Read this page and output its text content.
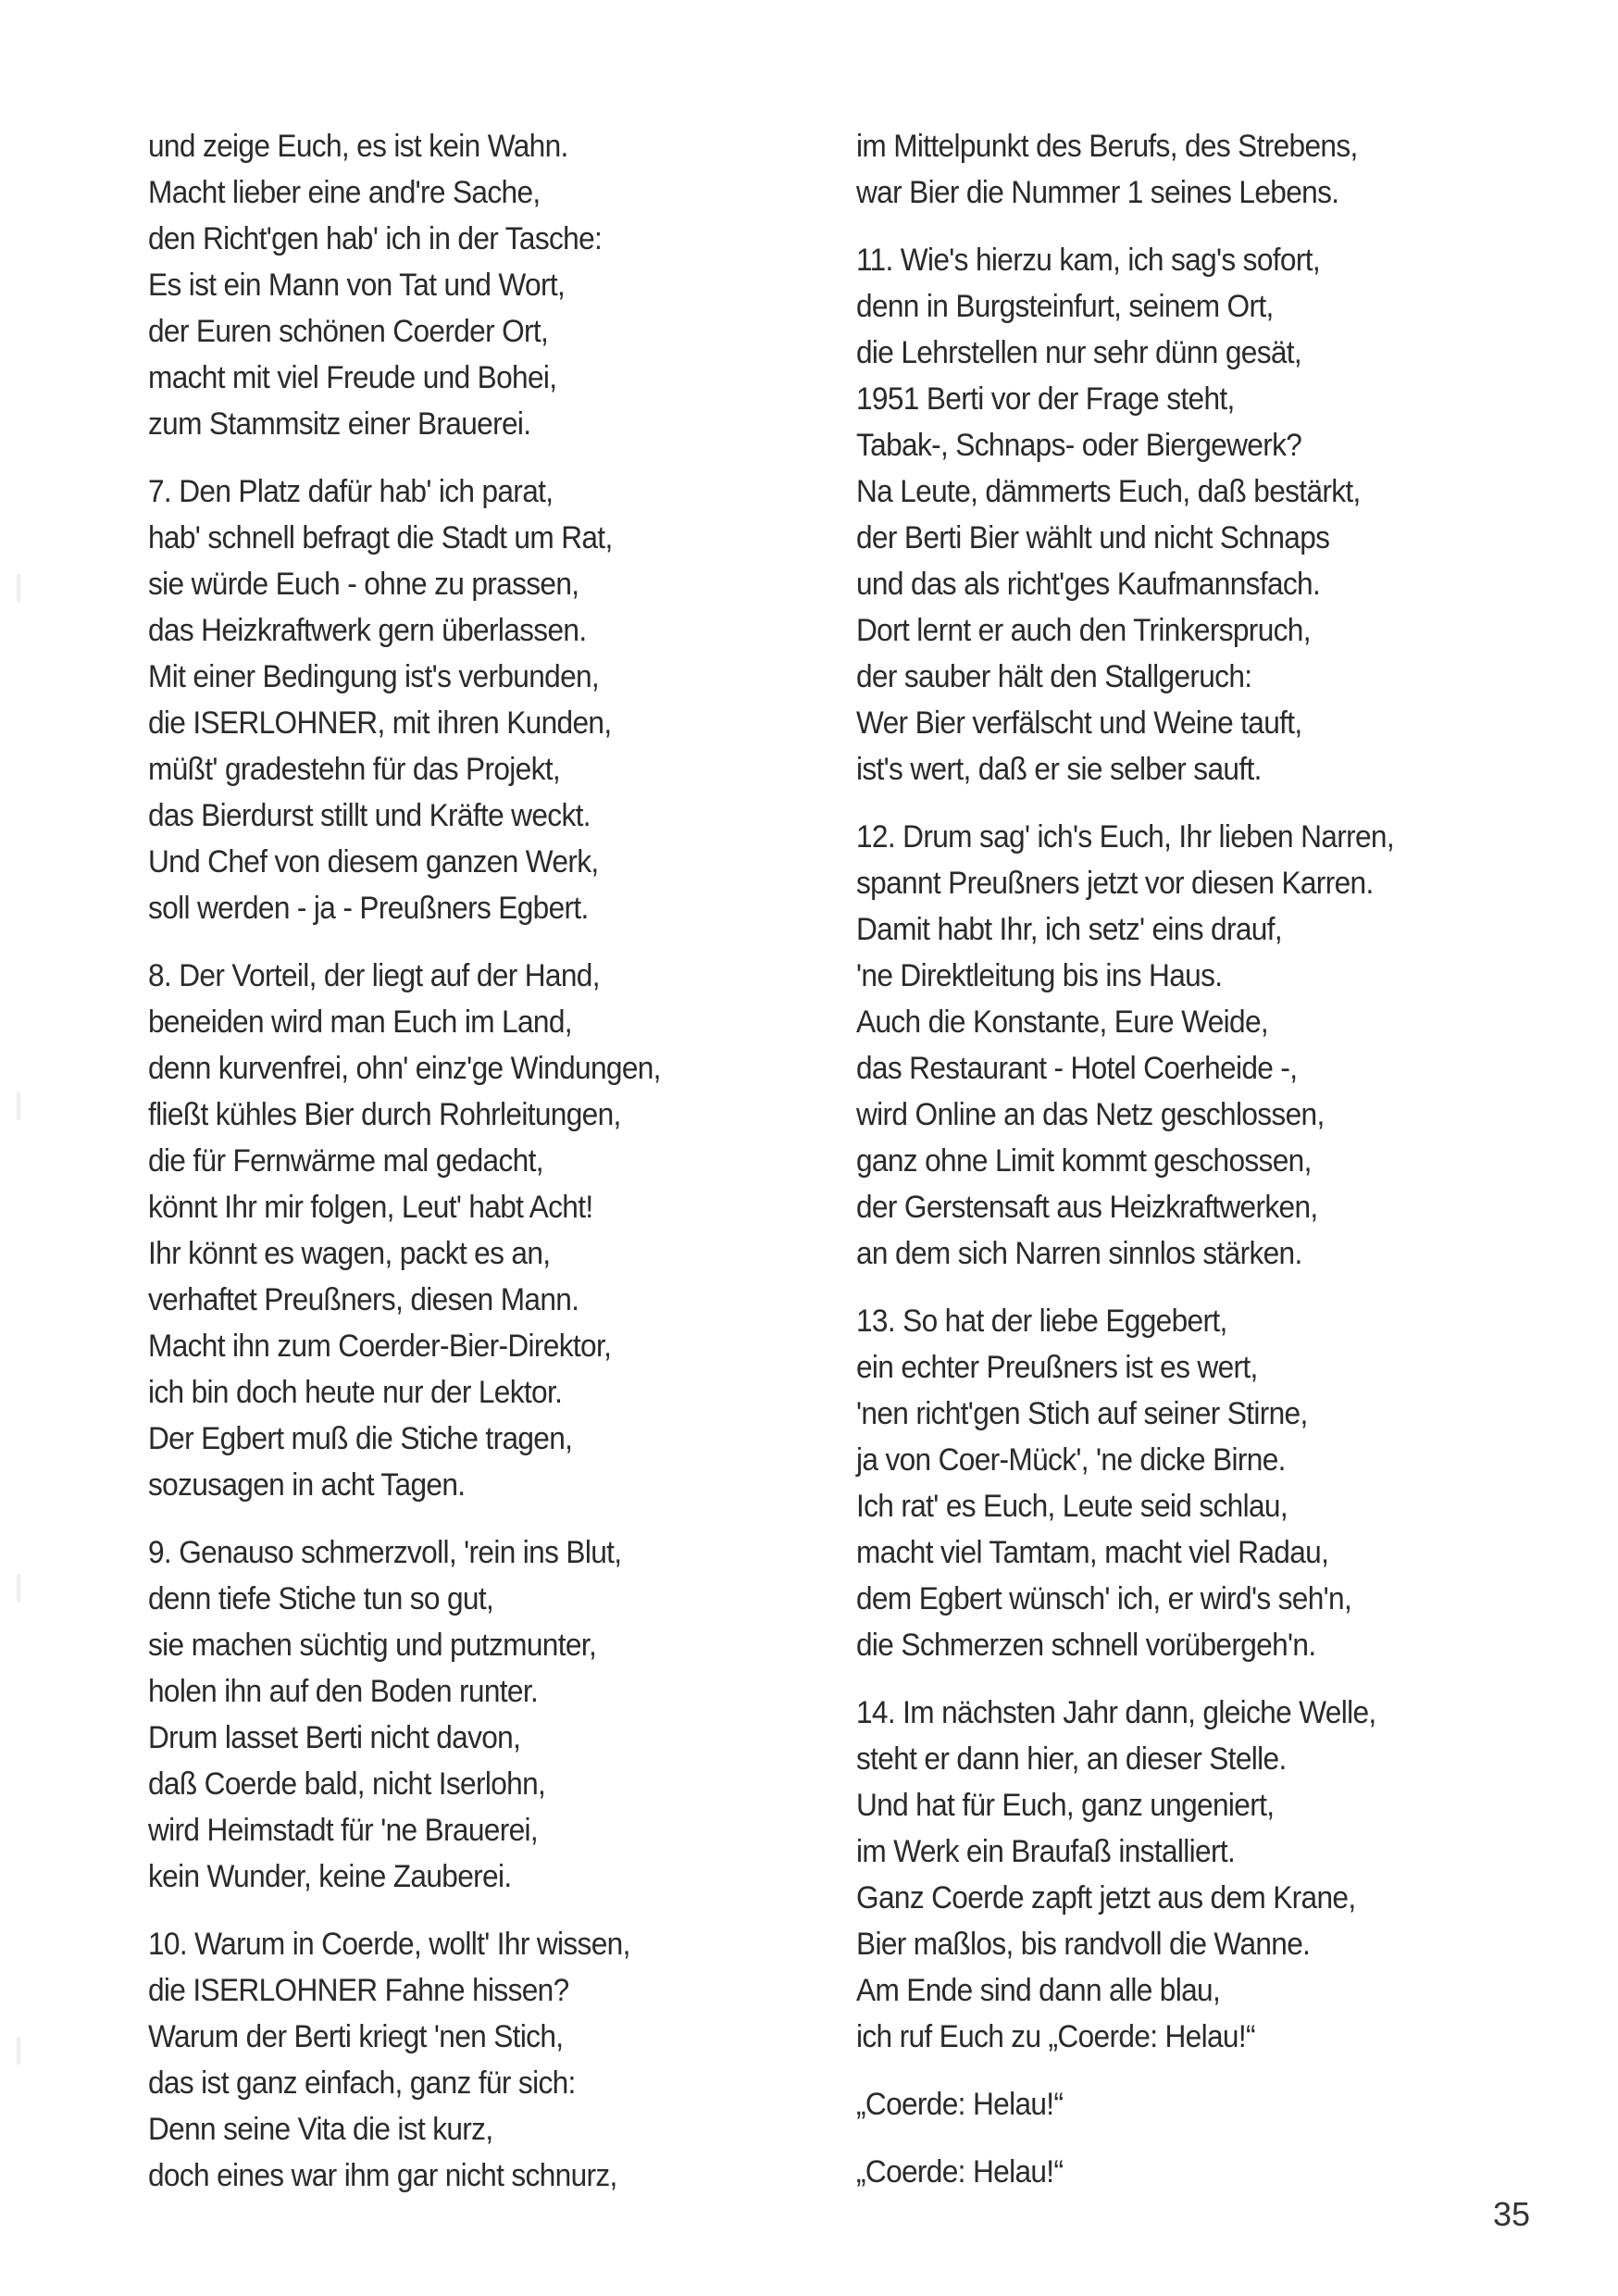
und zeige Euch, es ist kein Wahn.
Macht lieber eine and're Sache,
den Richt'gen hab' ich in der Tasche:
Es ist ein Mann von Tat und Wort,
der Euren schönen Coerder Ort,
macht mit viel Freude und Bohei,
zum Stammsitz einer Brauerei.
7. Den Platz dafür hab' ich parat,
hab' schnell befragt die Stadt um Rat,
sie würde Euch - ohne zu prassen,
das Heizkraftwerk gern überlassen.
Mit einer Bedingung ist's verbunden,
die ISERLOHNER, mit ihren Kunden,
müßt' gradestehn für das Projekt,
das Bierdurst stillt und Kräfte weckt.
Und Chef von diesem ganzen Werk,
soll werden - ja - Preußners Egbert.
8. Der Vorteil, der liegt auf der Hand,
beneiden wird man Euch im Land,
denn kurvenfrei, ohn' einz'ge Windungen,
fließt kühles Bier durch Rohrleitungen,
die für Fernwärme mal gedacht,
könnt Ihr mir folgen, Leut' habt Acht!
Ihr könnt es wagen, packt es an,
verhaftet Preußners, diesen Mann.
Macht ihn zum Coerder-Bier-Direktor,
ich bin doch heute nur der Lektor.
Der Egbert muß die Stiche tragen,
sozusagen in acht Tagen.
9. Genauso schmerzvoll, 'rein ins Blut,
denn tiefe Stiche tun so gut,
sie machen süchtig und putzmunter,
holen ihn auf den Boden runter.
Drum lasset Berti nicht davon,
daß Coerde bald, nicht Iserlohn,
wird Heimstadt für 'ne Brauerei,
kein Wunder, keine Zauberei.
10. Warum in Coerde, wollt' Ihr wissen,
die ISERLOHNER Fahne hissen?
Warum der Berti kriegt 'nen Stich,
das ist ganz einfach, ganz für sich:
Denn seine Vita die ist kurz,
doch eines war ihm gar nicht schnurz,
im Mittelpunkt des Berufs, des Strebens,
war Bier die Nummer 1 seines Lebens.
11. Wie's hierzu kam, ich sag's sofort,
denn in Burgsteinfurt, seinem Ort,
die Lehrstellen nur sehr dünn gesät,
1951 Berti vor der Frage steht,
Tabak-, Schnaps- oder Biergewerk?
Na Leute, dämmerts Euch, daß bestärkt,
der Berti Bier wählt und nicht Schnaps
und das als richt'ges Kaufmannsfach.
Dort lernt er auch den Trinkerspruch,
der sauber hält den Stallgeruch:
Wer Bier verfälscht und Weine tauft,
ist's wert, daß er sie selber sauft.
12. Drum sag' ich's Euch, Ihr lieben Narren,
spannt Preußners jetzt vor diesen Karren.
Damit habt Ihr, ich setz' eins drauf,
'ne Direktleitung bis ins Haus.
Auch die Konstante, Eure Weide,
das Restaurant - Hotel Coerheide -,
wird Online an das Netz geschlossen,
ganz ohne Limit kommt geschossen,
der Gerstensaft aus Heizkraftwerken,
an dem sich Narren sinnlos stärken.
13. So hat der liebe Eggebert,
ein echter Preußners ist es wert,
'nen richt'gen Stich auf seiner Stirne,
ja von Coer-Mück', 'ne dicke Birne.
Ich rat' es Euch, Leute seid schlau,
macht viel Tamtam, macht viel Radau,
dem Egbert wünsch' ich, er wird's seh'n,
die Schmerzen schnell vorübergeh'n.
14. Im nächsten Jahr dann, gleiche Welle,
steht er dann hier, an dieser Stelle.
Und hat für Euch, ganz ungeniert,
im Werk ein Braufaß installiert.
Ganz Coerde zapft jetzt aus dem Krane,
Bier maßlos, bis randvoll die Wanne.
Am Ende sind dann alle blau,
ich ruf Euch zu „Coerde: Helau!“
„Coerde: Helau!“
„Coerde: Helau!“
35
